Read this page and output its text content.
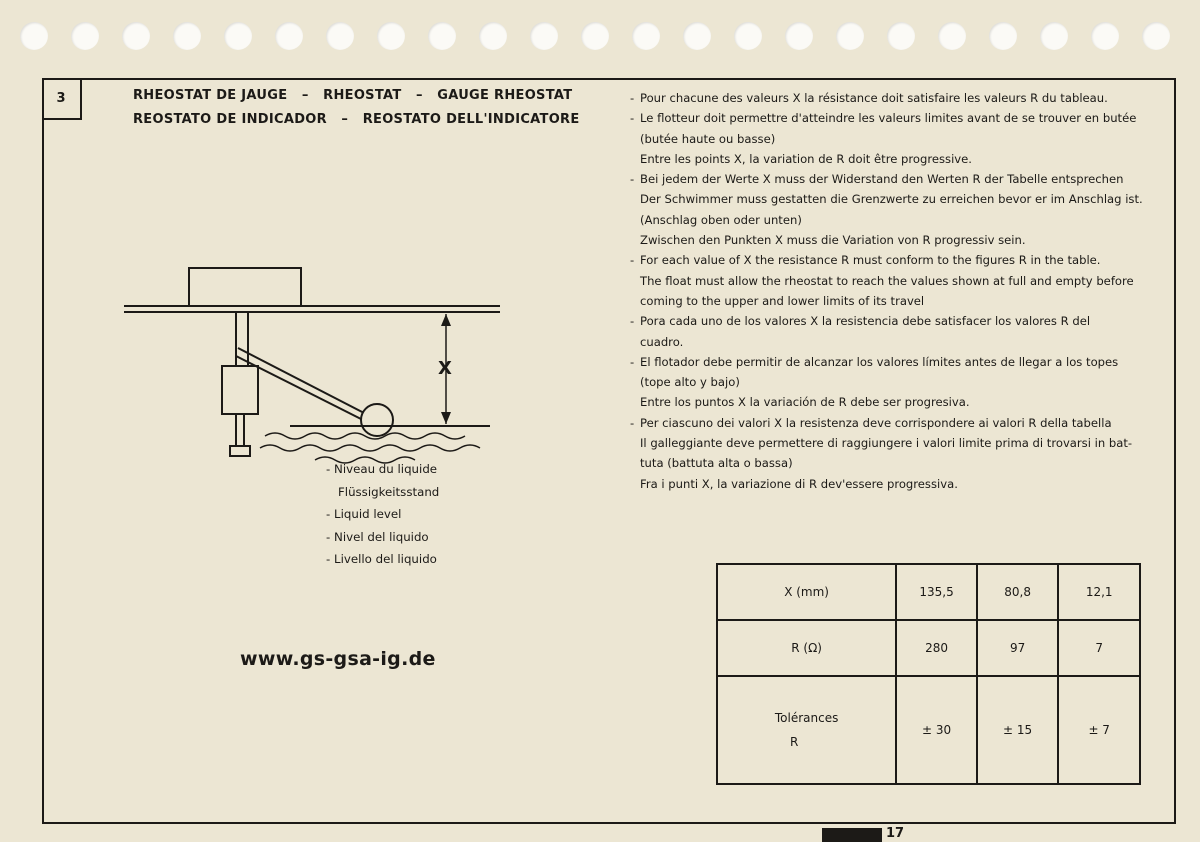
3	RHEOSTAT DE JAUGE   –   RHEOSTAT   –   GAUGE RHEOSTAT
REOSTATO DE INDICADOR   –   REOSTATO DELL'INDICATORE
- Pour chacune des valeurs X la résistance doit satisfaire les valeurs R du tableau.
- Le flotteur doit permettre d'atteindre les valeurs limites avant de se trouver en butée
(butée haute ou basse)
Entre les points X, la variation de R doit être progressive.
- Bei jedem der Werte X muss der Widerstand den Werten R der Tabelle entsprechen
Der Schwimmer muss gestatten die Grenzwerte zu erreichen bevor er im Anschlag ist.
(Anschlag oben oder unten)
Zwischen den Punkten X muss die Variation von R progressiv sein.
- For each value of X the resistance R must conform to the figures R in the table.
The float must allow the rheostat to reach the values shown at full and empty before
coming to the upper and lower limits of its travel
- Pora cada uno de los valores X la resistencia debe satisfacer los valores R del
cuadro.
- El flotador debe permitir de alcanzar los valores límites antes de llegar a los topes
(tope alto y bajo)
Entre los puntos X la variación de R debe ser progresiva.
- Per ciascuno dei valori X la resistenza deve corrispondere ai valori R della tabella
Il galleggiante deve permettere di raggiungere i valori limite prima di trovarsi in bat-
tuta (battuta alta o bassa)
Fra i punti X, la variazione di R dev'essere progressiva.
X
- Niveau du liquide
Flüssigkeitsstand
- Liquid level
- Nivel del liquido
- Livello del liquido
www.gs-gsa-ig.de
X (mm)	135,5	80,8	12,1
R (Ω)	280	97	7

Tolérances
R	± 30	± 15	± 7
17
